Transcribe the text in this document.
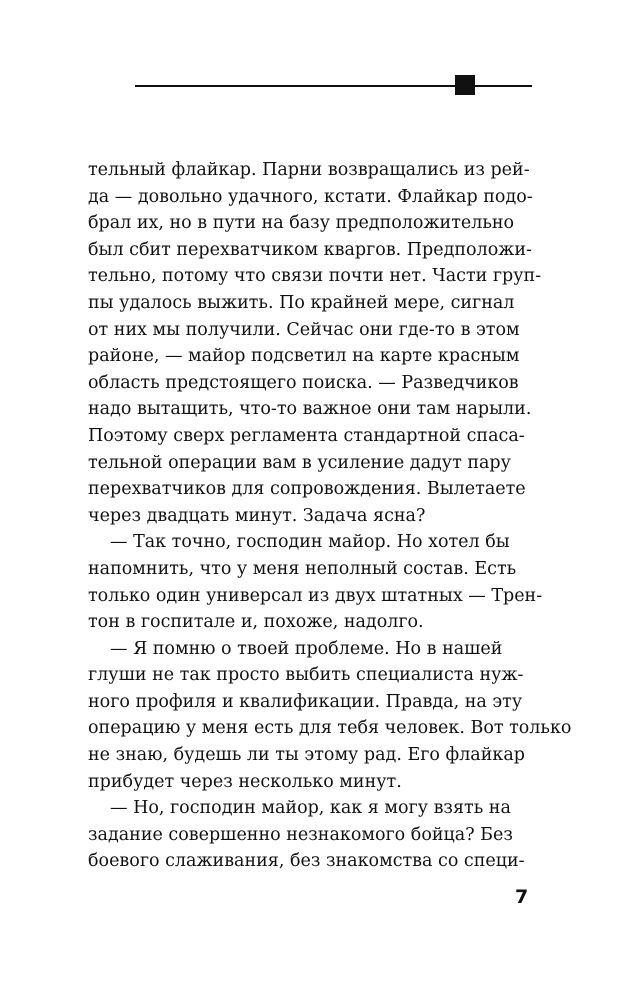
тельный флайкар. Парни возвращались из рей-
да — довольно удачного, кстати. Флайкар подо-
брал их, но в пути на базу предположительно
был сбит перехватчиком кваргов. Предположи-
тельно, потому что связи почти нет. Части груп-
пы удалось выжить. По крайней мере, сигнал
от них мы получили. Сейчас они где-то в этом
районе, — майор подсветил на карте красным
область предстоящего поиска. — Разведчиков
надо вытащить, что-то важное они там нарыли.
Поэтому сверх регламента стандартной спаса-
тельной операции вам в усиление дадут пару
перехватчиков для сопровождения. Вылетаете
через двадцать минут. Задача ясна?
— Так точно, господин майор. Но хотел бы
напомнить, что у меня неполный состав. Есть
только один универсал из двух штатных — Трен-
тон в госпитале и, похоже, надолго.
— Я помню о твоей проблеме. Но в нашей
глуши не так просто выбить специалиста нуж-
ного профиля и квалификации. Правда, на эту
операцию у меня есть для тебя человек. Вот только
не знаю, будешь ли ты этому рад. Его флайкар
прибудет через несколько минут.
— Но, господин майор, как я могу взять на
задание совершенно незнакомого бойца? Без
боевого слаживания, без знакомства со специ-
7
